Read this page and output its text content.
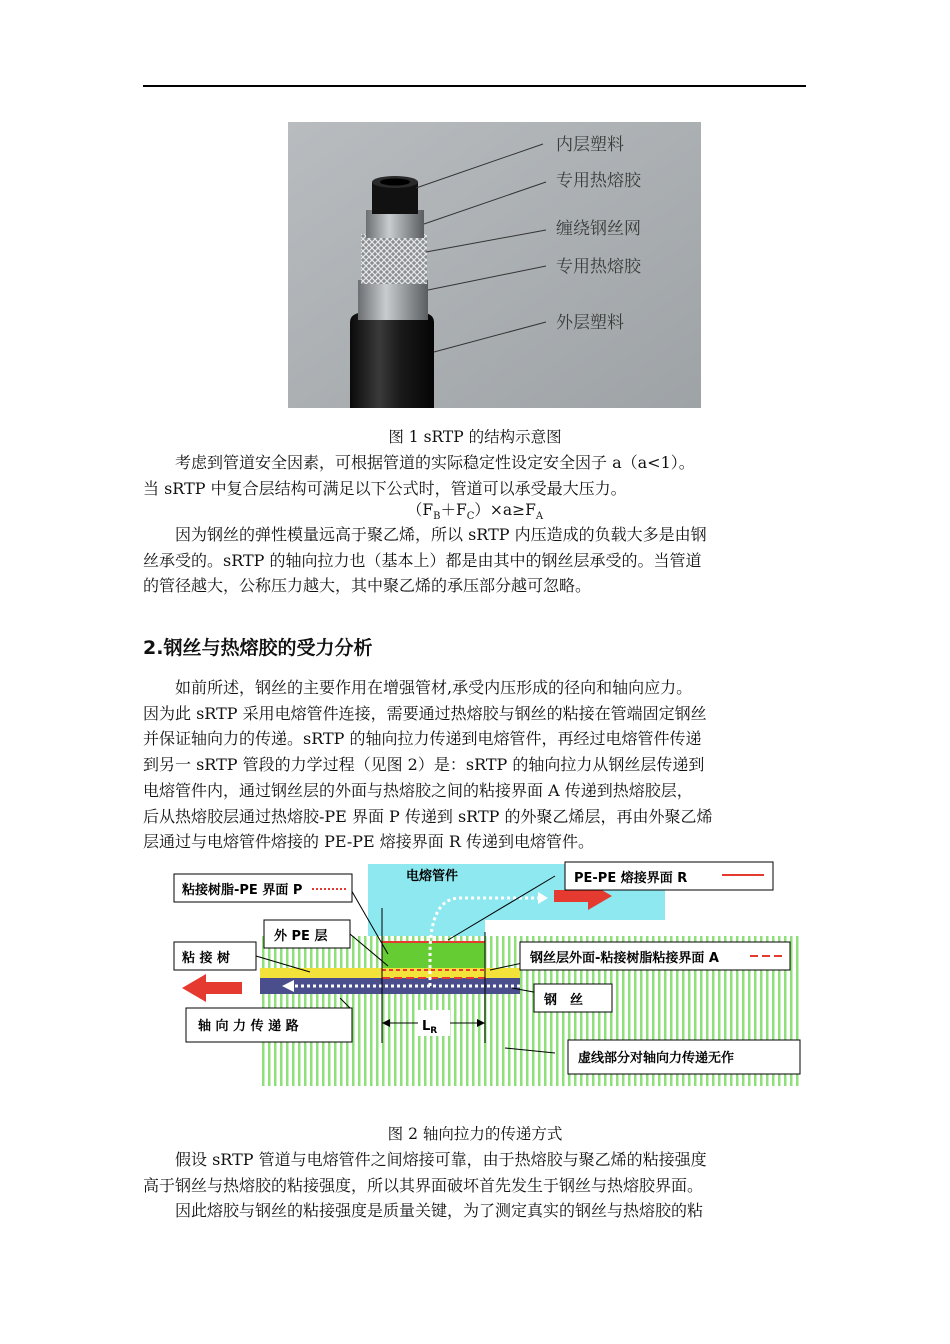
内层塑料
专用热熔胶
缠绕钢丝网
专用热熔胶
外层塑料
图 1 sRTP 的结构示意图

考虑到管道安全因素，可根据管道的实际稳定性设定安全因子 a（a<1）。
当 sRTP 中复合层结构可满足以下公式时，管道可以承受最大压力。

$(F_B+F_C)\times a\ge F_A$

因为钢丝的弹性模量远高于聚乙烯，所以 sRTP 内压造成的负载大多是由钢
丝承受的。sRTP 的轴向拉力也（基本上）都是由其中的钢丝层承受的。当管道
的管径越大，公称压力越大，其中聚乙烯的承压部分越可忽略。

2.钢丝与热熔胶的受力分析

如前所述，钢丝的主要作用在增强管材,承受内压形成的径向和轴向应力。
因为此 sRTP 采用电熔管件连接，需要通过热熔胶与钢丝的粘接在管端固定钢丝
并保证轴向力的传递。sRTP 的轴向拉力传递到电熔管件，再经过电熔管件传递
到另一 sRTP 管段的力学过程（见图 2）是：sRTP 的轴向拉力从钢丝层传递到
电熔管件内，通过钢丝层的外面与热熔胶之间的粘接界面 A 传递到热熔胶层，
后从热熔胶层通过热熔胶-PE 界面 P 传递到 sRTP 的外聚乙烯层，再由外聚乙烯
层通过与电熔管件熔接的 PE-PE 熔接界面 R 传递到电熔管件。

粘接树脂-PE 界面 P
电熔管件	PE-PE 熔接界面 R
外 PE 层
粘 接 树	钢丝层外面-粘接树脂粘接界面 A
钢　丝
轴 向 力 传 递 路	$L_R$
虚线部分对轴向力传递无作
图 2 轴向拉力的传递方式

假设 sRTP 管道与电熔管件之间熔接可靠，由于热熔胶与聚乙烯的粘接强度
高于钢丝与热熔胶的粘接强度，所以其界面破坏首先发生于钢丝与热熔胶界面。
因此熔胶与钢丝的粘接强度是质量关键，为了测定真实的钢丝与热熔胶的粘
